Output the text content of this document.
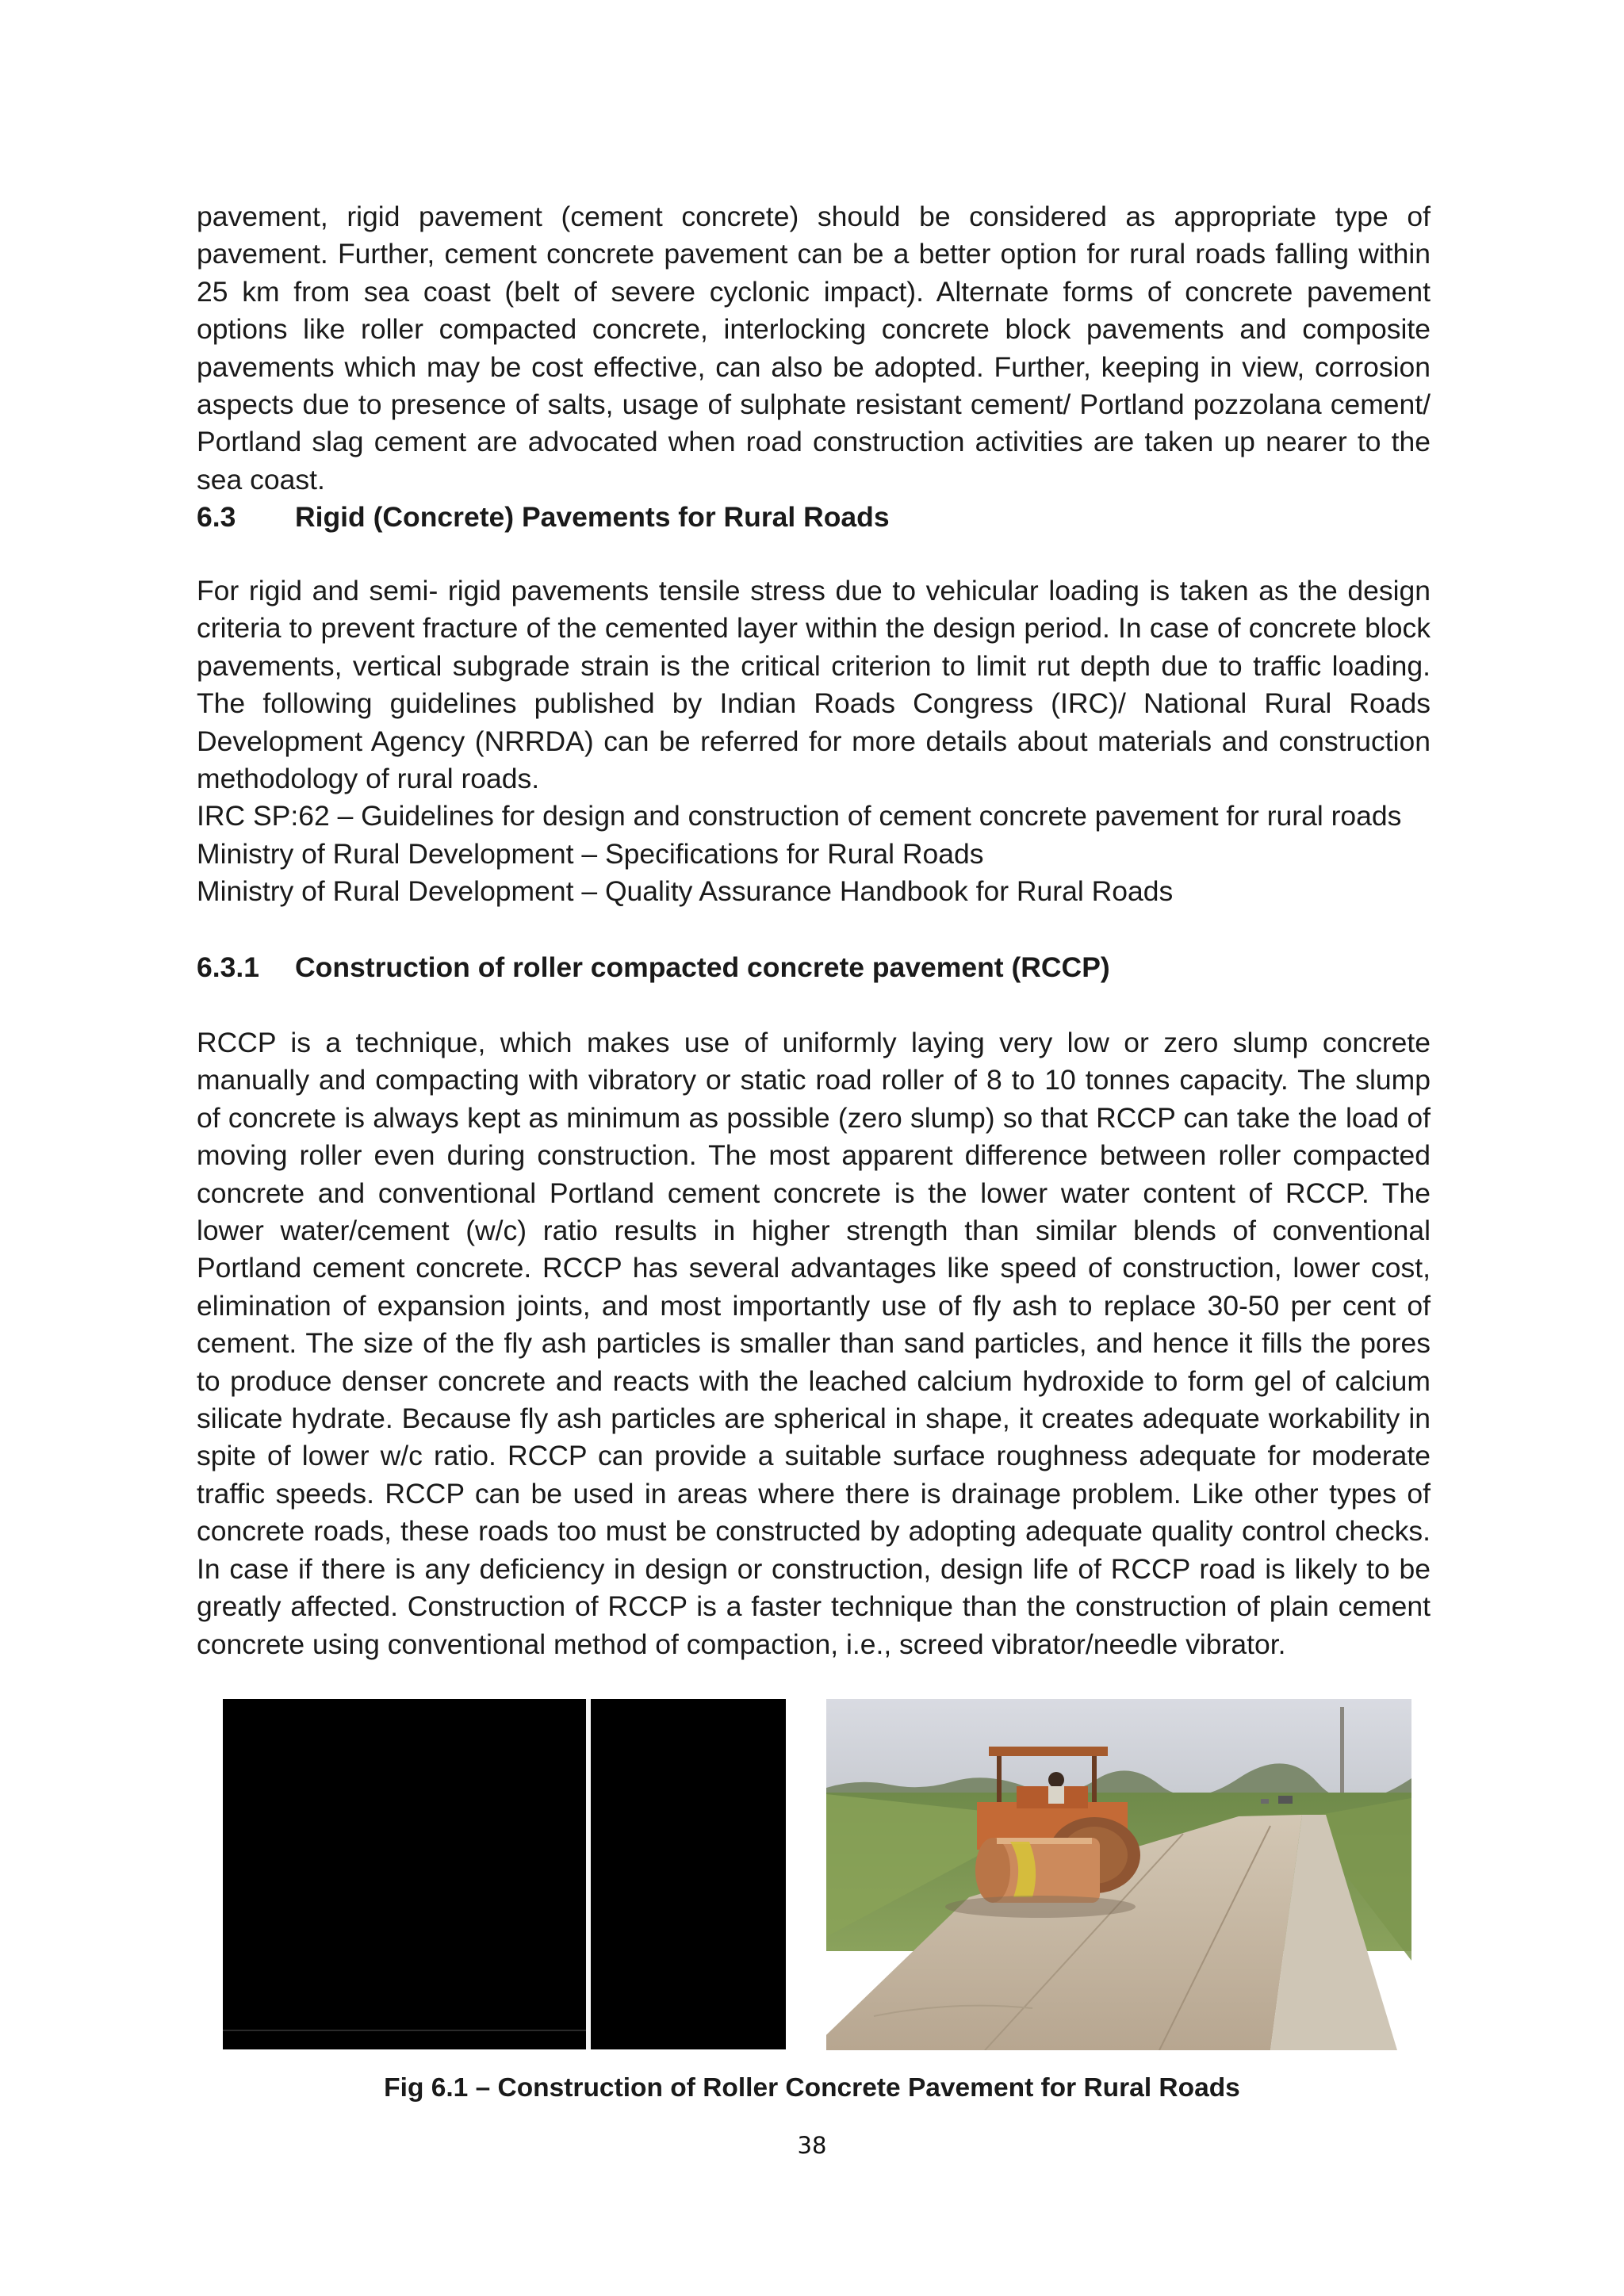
pavement, rigid pavement (cement concrete) should be considered as appropriate type of pavement. Further, cement concrete pavement can be a better option for rural roads falling within 25 km from sea coast (belt of severe cyclonic impact). Alternate forms of concrete pavement options like roller compacted concrete, interlocking concrete block pavements and composite pavements which may be cost effective, can also be adopted. Further, keeping in view, corrosion aspects due to presence of salts, usage of sulphate resistant cement/ Portland pozzolana cement/ Portland slag cement are advocated when road construction activities are taken up nearer to the sea coast.

6.3	Rigid (Concrete) Pavements for Rural Roads

For rigid and semi- rigid pavements tensile stress due to vehicular loading is taken as the design criteria to prevent fracture of the cemented layer within the design period. In case of concrete block pavements, vertical subgrade strain is the critical criterion to limit rut depth due to traffic loading. The following guidelines published by Indian Roads Congress (IRC)/ National Rural Roads Development Agency (NRRDA) can be referred for more details about materials and construction methodology of rural roads.

IRC SP:62 – Guidelines for design and construction of cement concrete pavement for rural roads

Ministry of Rural Development – Specifications for Rural Roads

Ministry of Rural Development – Quality Assurance Handbook for Rural Roads

6.3.1	Construction of roller compacted concrete pavement (RCCP)

RCCP is a technique, which makes use of uniformly laying very low or zero slump concrete manually and compacting with vibratory or static road roller of 8 to 10 tonnes capacity. The slump of concrete is always kept as minimum as possible (zero slump) so that RCCP can take the load of moving roller even during construction. The most apparent difference between roller compacted concrete and conventional Portland cement concrete is the lower water content of RCCP. The lower water/cement (w/c) ratio results in higher strength than similar blends of conventional Portland cement concrete. RCCP has several advantages like speed of construction, lower cost, elimination of expansion joints, and most importantly use of fly ash to replace 30-50 per cent of cement. The size of the fly ash particles is smaller than sand particles, and hence it fills the pores to produce denser concrete and reacts with the leached calcium hydroxide to form gel of calcium silicate hydrate. Because fly ash particles are spherical in shape, it creates adequate workability in spite of lower w/c ratio. RCCP can provide a suitable surface roughness adequate for moderate traffic speeds. RCCP can be used in areas where there is drainage problem. Like other types of concrete roads, these roads too must be constructed by adopting adequate quality control checks. In case if there is any deficiency in design or construction, design life of RCCP road is likely to be greatly affected. Construction of RCCP is a faster technique than the construction of plain cement concrete using conventional method of compaction, i.e., screed vibrator/needle vibrator.

Fig 6.1 – Construction of Roller Concrete Pavement for Rural Roads
38
